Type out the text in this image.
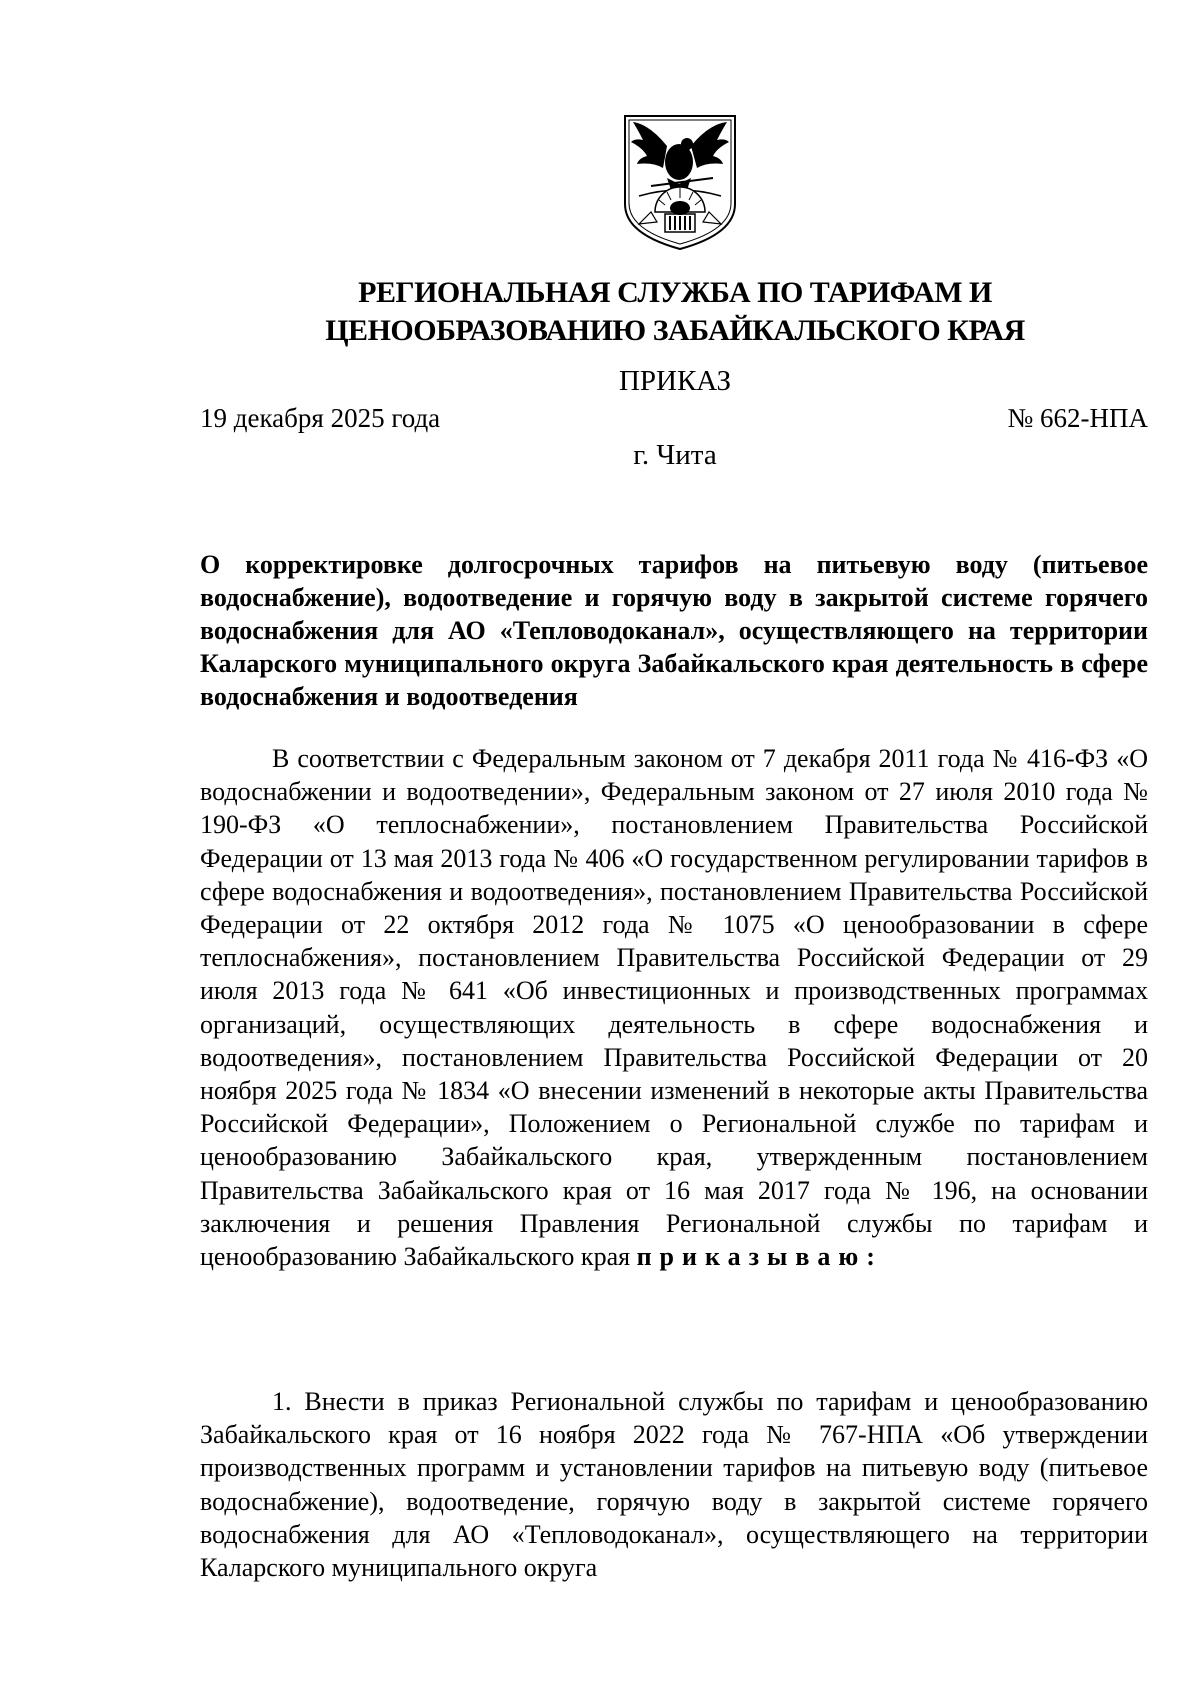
РЕГИОНАЛЬНАЯ СЛУЖБА ПО ТАРИФАМ И
ЦЕНООБРАЗОВАНИЮ ЗАБАЙКАЛЬСКОГО КРАЯ
ПРИКАЗ
19 декабря 2025 года	№ 662-НПА
г. Чита
О корректировке долгосрочных тарифов на питьевую воду (питьевое водоснабжение), водоотведение и горячую воду в закрытой системе горячего водоснабжения для АО «Тепловодоканал», осуществляющего на территории Каларского муниципального округа Забайкальского края деятельность в сфере водоснабжения и водоотведения
В соответствии с Федеральным законом от 7 декабря 2011 года № 416-ФЗ «О водоснабжении и водоотведении», Федеральным законом от 27 июля 2010 года № 190-ФЗ «О теплоснабжении», постановлением Правительства Российской Федерации от 13 мая 2013 года № 406 «О государственном регулировании тарифов в сфере водоснабжения и водоотведения», постановлением Правительства Российской Федерации от 22 октября 2012 года № 1075 «О ценообразовании в сфере теплоснабжения», постановлением Правительства Российской Федерации от 29 июля 2013 года № 641 «Об инвестиционных и производственных программах организаций, осуществляющих деятельность в сфере водоснабжения и водоотведения», постановлением Правительства Российской Федерации от 20 ноября 2025 года № 1834 «О внесении изменений в некоторые акты Правительства Российской Федерации», Положением о Региональной службе по тарифам и ценообразованию Забайкальского края, утвержденным постановлением Правительства Забайкальского края от 16 мая 2017 года № 196, на основании заключения и решения Правления Региональной службы по тарифам и ценообразованию Забайкальского края приказываю:
1. Внести в приказ Региональной службы по тарифам и ценообразованию Забайкальского края от 16 ноября 2022 года № 767-НПА «Об утверждении производственных программ и установлении тарифов на питьевую воду (питьевое водоснабжение), водоотведение, горячую воду в закрытой системе горячего водоснабжения для АО «Тепловодоканал», осуществляющего на территории Каларского муниципального округа
